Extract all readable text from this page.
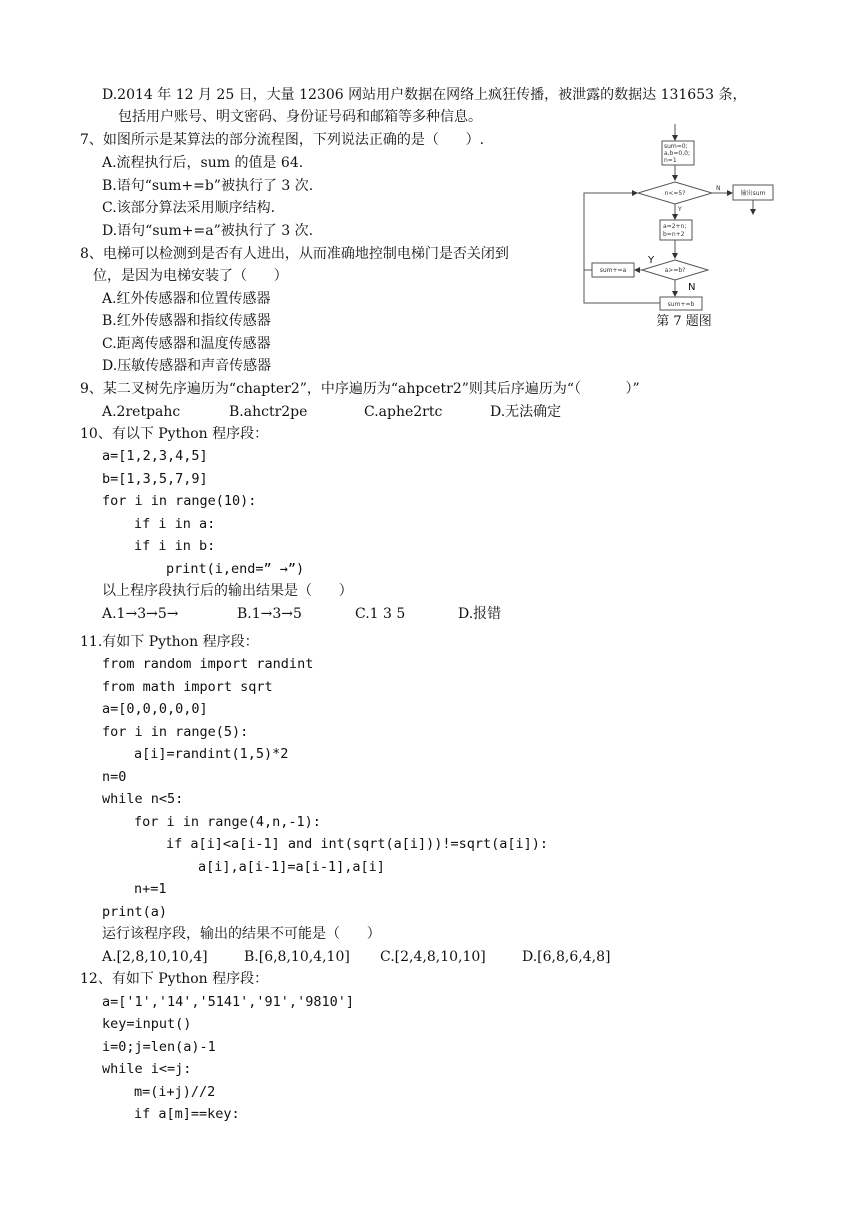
D.2014 年 12 月 25 日，大量 12306 网站用户数据在网络上疯狂传播，被泄露的数据达 131653 条，
包括用户账号、明文密码、身份证号码和邮箱等多种信息。
7、如图所示是某算法的部分流程图，下列说法正确的是（      ）.
A.流程执行后，sum 的值是 64.
B.语句“sum+=b”被执行了 3 次.
C.该部分算法采用顺序结构.
D.语句“sum+=a”被执行了 3 次.
sum=0;
a,b=0,0;
n=1
n<=5?	输出sum
a=2+n;
b=n+2
a>=b?
sum+=a
sum+=b
N
Y
Y
N
第 7 题图
8、电梯可以检测到是否有人进出，从而准确地控制电梯门是否关闭到
位，是因为电梯安装了（      ）
A.红外传感器和位置传感器
B.红外传感器和指纹传感器
C.距离传感器和温度传感器
D.压敏传感器和声音传感器
9、某二叉树先序遍历为“chapter2”，中序遍历为“ahpcetr2”则其后序遍历为“（          ）”
A.2retpahc	B.ahctr2pe	C.aphe2rtc	D.无法确定
10、有以下 Python 程序段：
a=[1,2,3,4,5]
b=[1,3,5,7,9]
for i in range(10):
if i in a:
if i in b:
print(i,end=” →”)
以上程序段执行后的输出结果是（      ）
A.1→3→5→	B.1→3→5	C.1 3 5	D.报错
11.有如下 Python 程序段：
from random import randint
from math import sqrt
a=[0,0,0,0,0]
for i in range(5):
a[i]=randint(1,5)*2
n=0
while n<5:
for i in range(4,n,-1):
if a[i]<a[i-1] and int(sqrt(a[i]))!=sqrt(a[i]):
a[i],a[i-1]=a[i-1],a[i]
n+=1
print(a)
运行该程序段，输出的结果不可能是（      ）
A.[2,8,10,10,4]	B.[6,8,10,4,10] C.[2,4,8,10,10]	D.[6,8,6,4,8]
12、有如下 Python 程序段：
a=['1','14','5141','91','9810']
key=input()
i=0;j=len(a)-1
while i<=j:
m=(i+j)//2
if a[m]==key:
